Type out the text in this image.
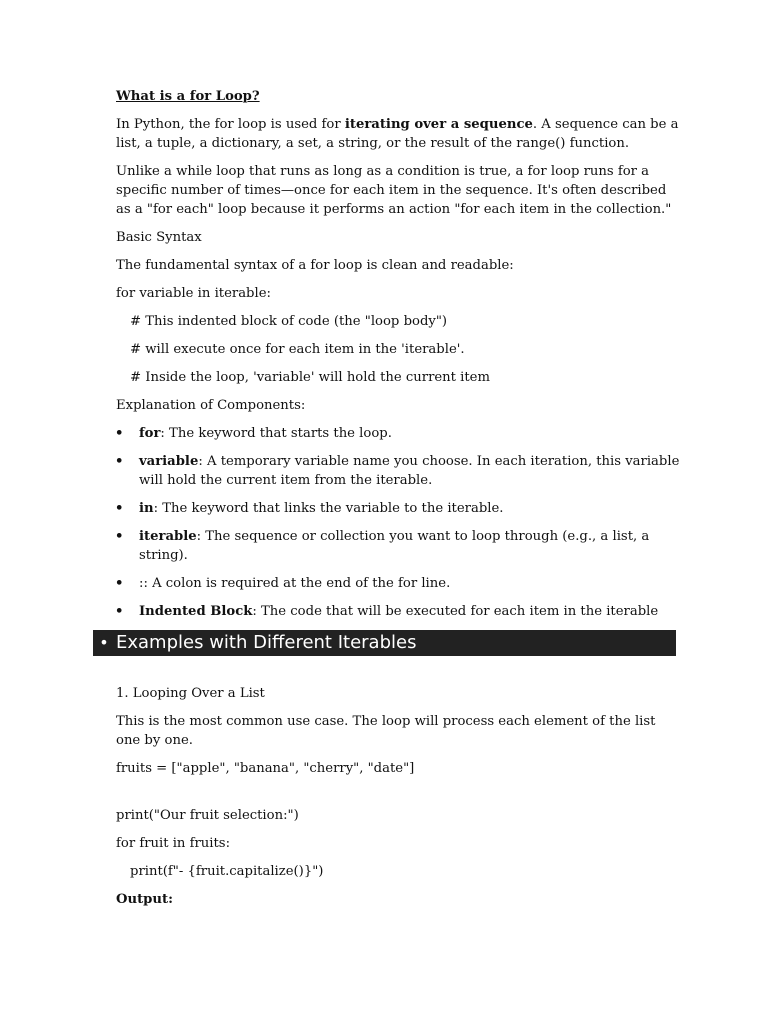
What is a for Loop?

In Python, the for loop is used for iterating over a sequence. A sequence can be a list, a tuple, a dictionary, a set, a string, or the result of the range() function.

Unlike a while loop that runs as long as a condition is true, a for loop runs for a specific number of times—once for each item in the sequence. It's often described as a "for each" loop because it performs an action "for each item in the collection."

Basic Syntax

The fundamental syntax of a for loop is clean and readable:

for variable in iterable:

# This indented block of code (the "loop body")

# will execute once for each item in the 'iterable'.

# Inside the loop, 'variable' will hold the current item

Explanation of Components:

• for: The keyword that starts the loop.
• variable: A temporary variable name you choose. In each iteration, this variable will hold the current item from the iterable.
• in: The keyword that links the variable to the iterable.
• iterable: The sequence or collection you want to loop through (e.g., a list, a string).
• :: A colon is required at the end of the for line.
• Indented Block: The code that will be executed for each item in the iterable
• Examples with Different Iterables

1. Looping Over a List

This is the most common use case. The loop will process each element of the list one by one.

fruits = ["apple", "banana", "cherry", "date"]

print("Our fruit selection:")

for fruit in fruits:

print(f"- {fruit.capitalize()}")

Output:
